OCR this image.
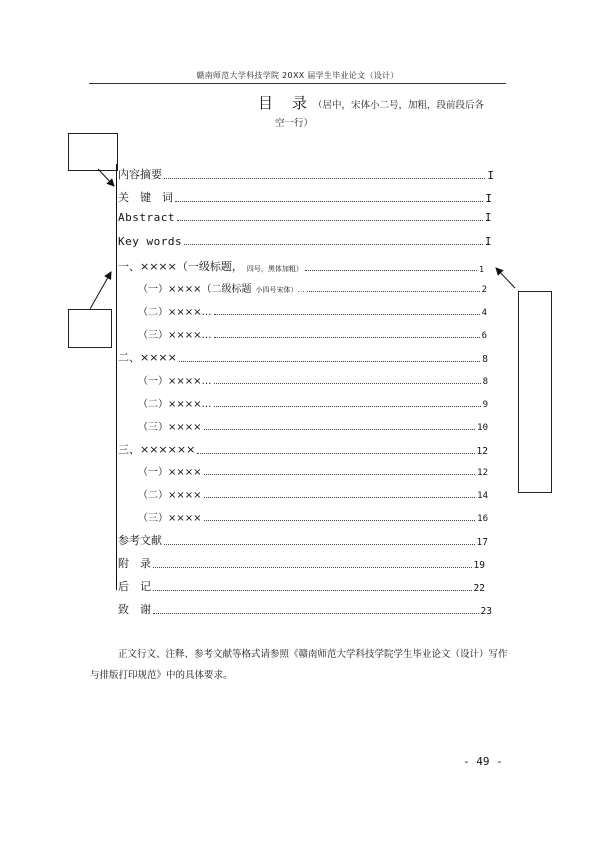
赣南师范大学科技学院 20XX 届学生毕业论文（设计）
目　录 （居中，宋体小二号，加粗，段前段后各
空一行）
内容摘要	I
关　键　词	I
Abstract	I
Key words	I
一、××××（一级标题， 四号，黑体加粗）	1
（一）××××（二级标题 小四号宋体）…	2
（二）××××…	4
（三）××××…	6
二、××××	8
（一）××××…	8
（二）××××…	9
（三）××××	10
三、××××××	12
（一）××××	12
（二）××××	14
（三）××××	16
参考文献	17
附　录	19
后　记	22
致　谢	23
正文行文、注释、参考文献等格式请参照《赣南师范大学科技学院学生毕业论文（设计）写作与排版打印规范》中的具体要求。
- 49 -
